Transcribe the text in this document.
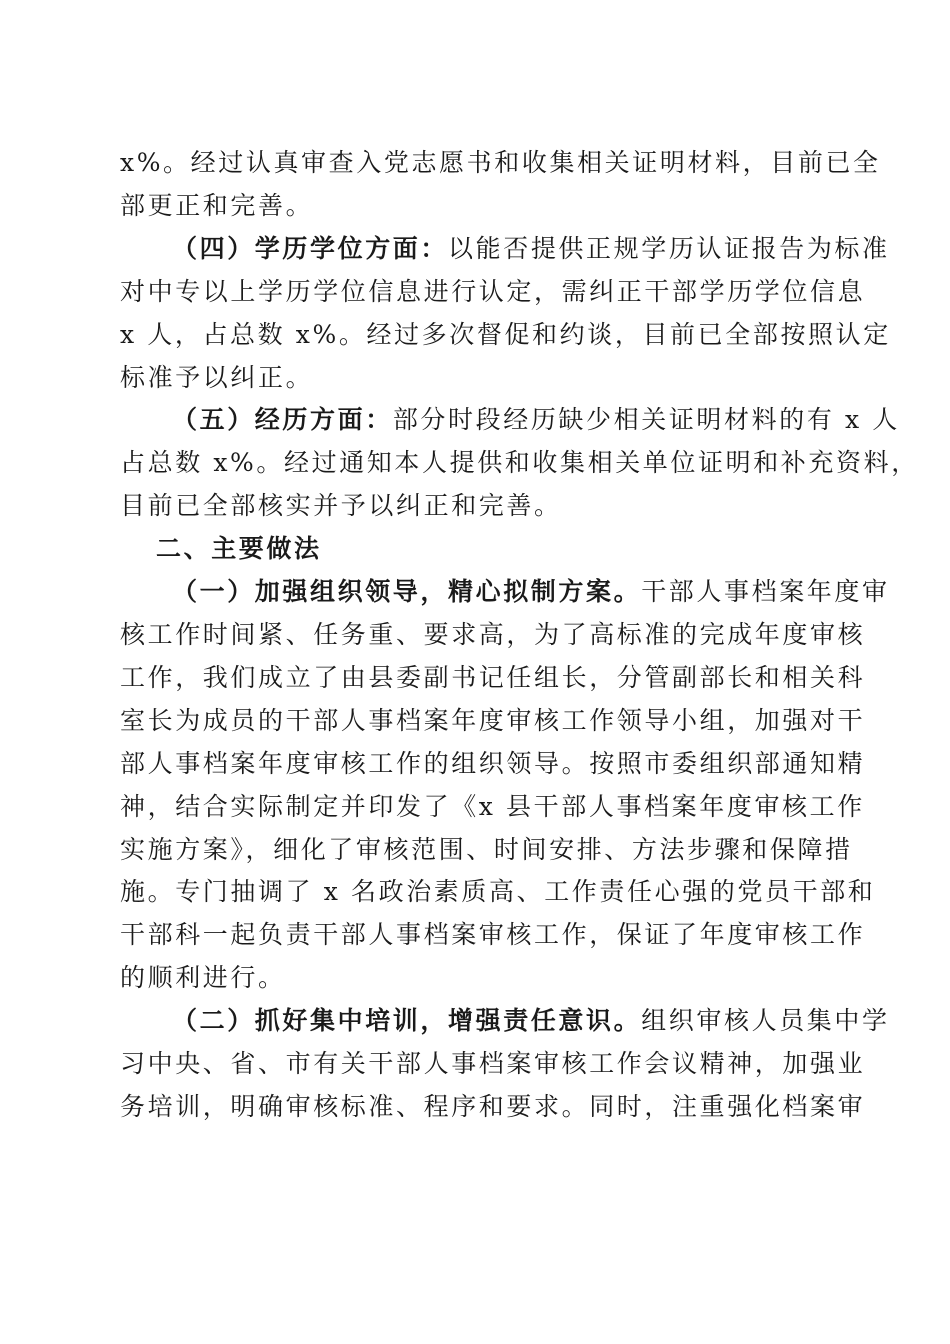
x%。经过认真审查入党志愿书和收集相关证明材料，目前已全
部更正和完善。

（四）学历学位方面：以能否提供正规学历认证报告为标准
对中专以上学历学位信息进行认定，需纠正干部学历学位信息
x 人，占总数 x%。经过多次督促和约谈，目前已全部按照认定
标准予以纠正。

（五）经历方面：部分时段经历缺少相关证明材料的有 x 人
占总数 x%。经过通知本人提供和收集相关单位证明和补充资料，
目前已全部核实并予以纠正和完善。

二、主要做法

（一）加强组织领导，精心拟制方案。干部人事档案年度审
核工作时间紧、任务重、要求高，为了高标准的完成年度审核
工作，我们成立了由县委副书记任组长，分管副部长和相关科
室长为成员的干部人事档案年度审核工作领导小组，加强对干
部人事档案年度审核工作的组织领导。按照市委组织部通知精
神，结合实际制定并印发了《x 县干部人事档案年度审核工作
实施方案》，细化了审核范围、时间安排、方法步骤和保障措
施。专门抽调了 x 名政治素质高、工作责任心强的党员干部和
干部科一起负责干部人事档案审核工作，保证了年度审核工作
的顺利进行。

（二）抓好集中培训，增强责任意识。组织审核人员集中学
习中央、省、市有关干部人事档案审核工作会议精神，加强业
务培训，明确审核标准、程序和要求。同时，注重强化档案审
